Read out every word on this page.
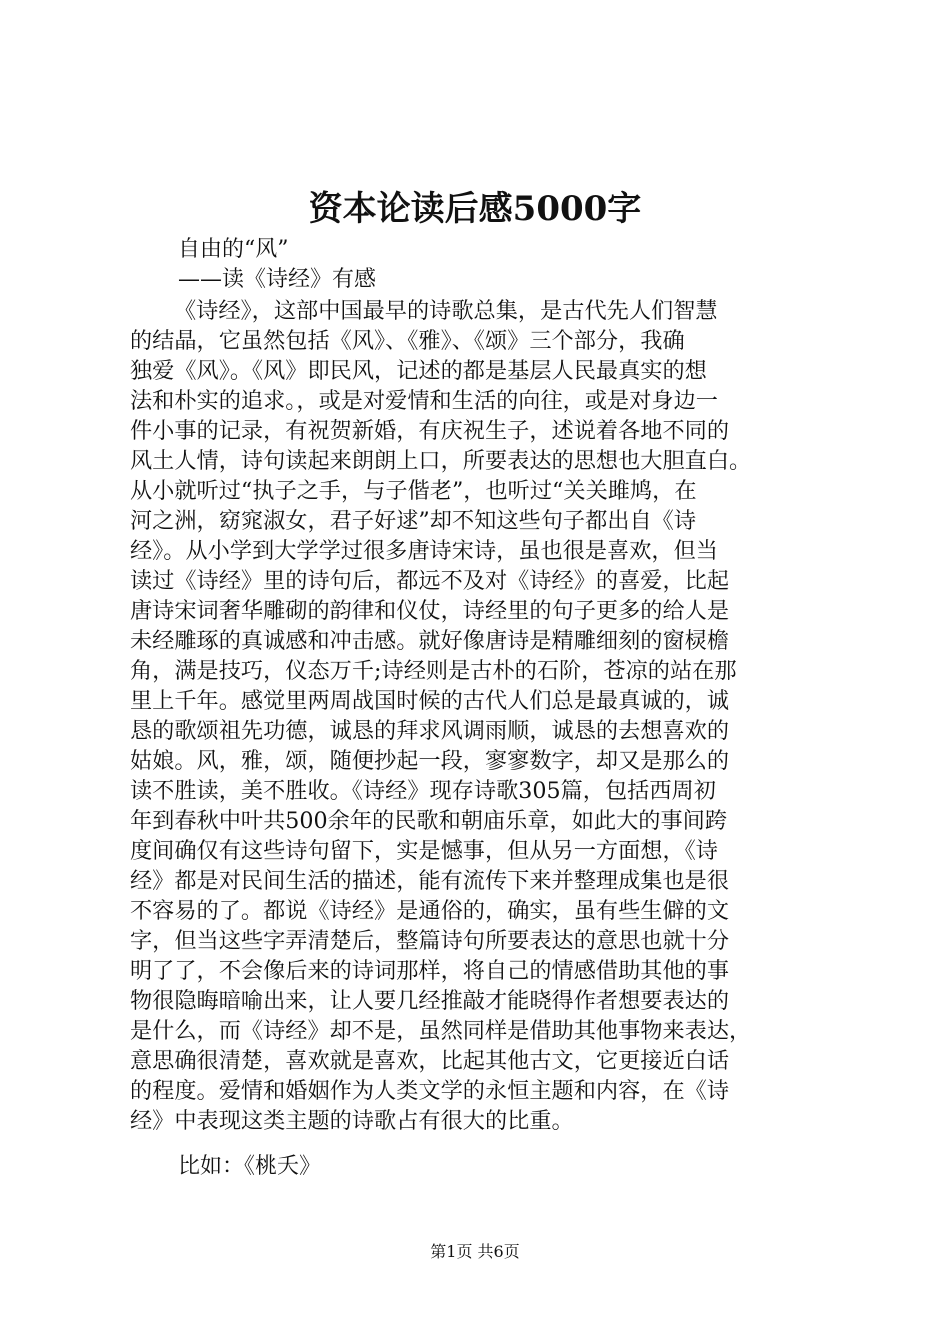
资本论读后感5000字
自由的“风”
——读《诗经》有感
《诗经》，这部中国最早的诗歌总集，是古代先人们智慧
的结晶，它虽然包括《风》、《雅》、《颂》三个部分，我确
独爱《风》。《风》即民风，记述的都是基层人民最真实的想
法和朴实的追求。，或是对爱情和生活的向往，或是对身边一
件小事的记录，有祝贺新婚，有庆祝生子，述说着各地不同的
风土人情，诗句读起来朗朗上口，所要表达的思想也大胆直白。
从小就听过“执子之手，与子偕老”，也听过“关关雎鸠，在
河之洲，窈窕淑女，君子好逑”却不知这些句子都出自《诗
经》。从小学到大学学过很多唐诗宋诗，虽也很是喜欢，但当
读过《诗经》里的诗句后，都远不及对《诗经》的喜爱，比起
唐诗宋词奢华雕砌的韵律和仪仗，诗经里的句子更多的给人是
未经雕琢的真诚感和冲击感。就好像唐诗是精雕细刻的窗棂檐
角，满是技巧，仪态万千;诗经则是古朴的石阶，苍凉的站在那
里上千年。感觉里两周战国时候的古代人们总是最真诚的，诚
恳的歌颂祖先功德，诚恳的拜求风调雨顺，诚恳的去想喜欢的
姑娘。风，雅，颂，随便抄起一段，寥寥数字，却又是那么的
读不胜读，美不胜收。《诗经》现存诗歌305篇，包括西周初
年到春秋中叶共500余年的民歌和朝庙乐章，如此大的事间跨
度间确仅有这些诗句留下，实是憾事，但从另一方面想，《诗
经》都是对民间生活的描述，能有流传下来并整理成集也是很
不容易的了。都说《诗经》是通俗的，确实，虽有些生僻的文
字，但当这些字弄清楚后，整篇诗句所要表达的意思也就十分
明了了，不会像后来的诗词那样，将自己的情感借助其他的事
物很隐晦暗喻出来，让人要几经推敲才能晓得作者想要表达的
是什么，而《诗经》却不是，虽然同样是借助其他事物来表达，
意思确很清楚，喜欢就是喜欢，比起其他古文，它更接近白话
的程度。爱情和婚姻作为人类文学的永恒主题和内容，在《诗
经》中表现这类主题的诗歌占有很大的比重。
比如：《桃夭》
第1页 共6页
